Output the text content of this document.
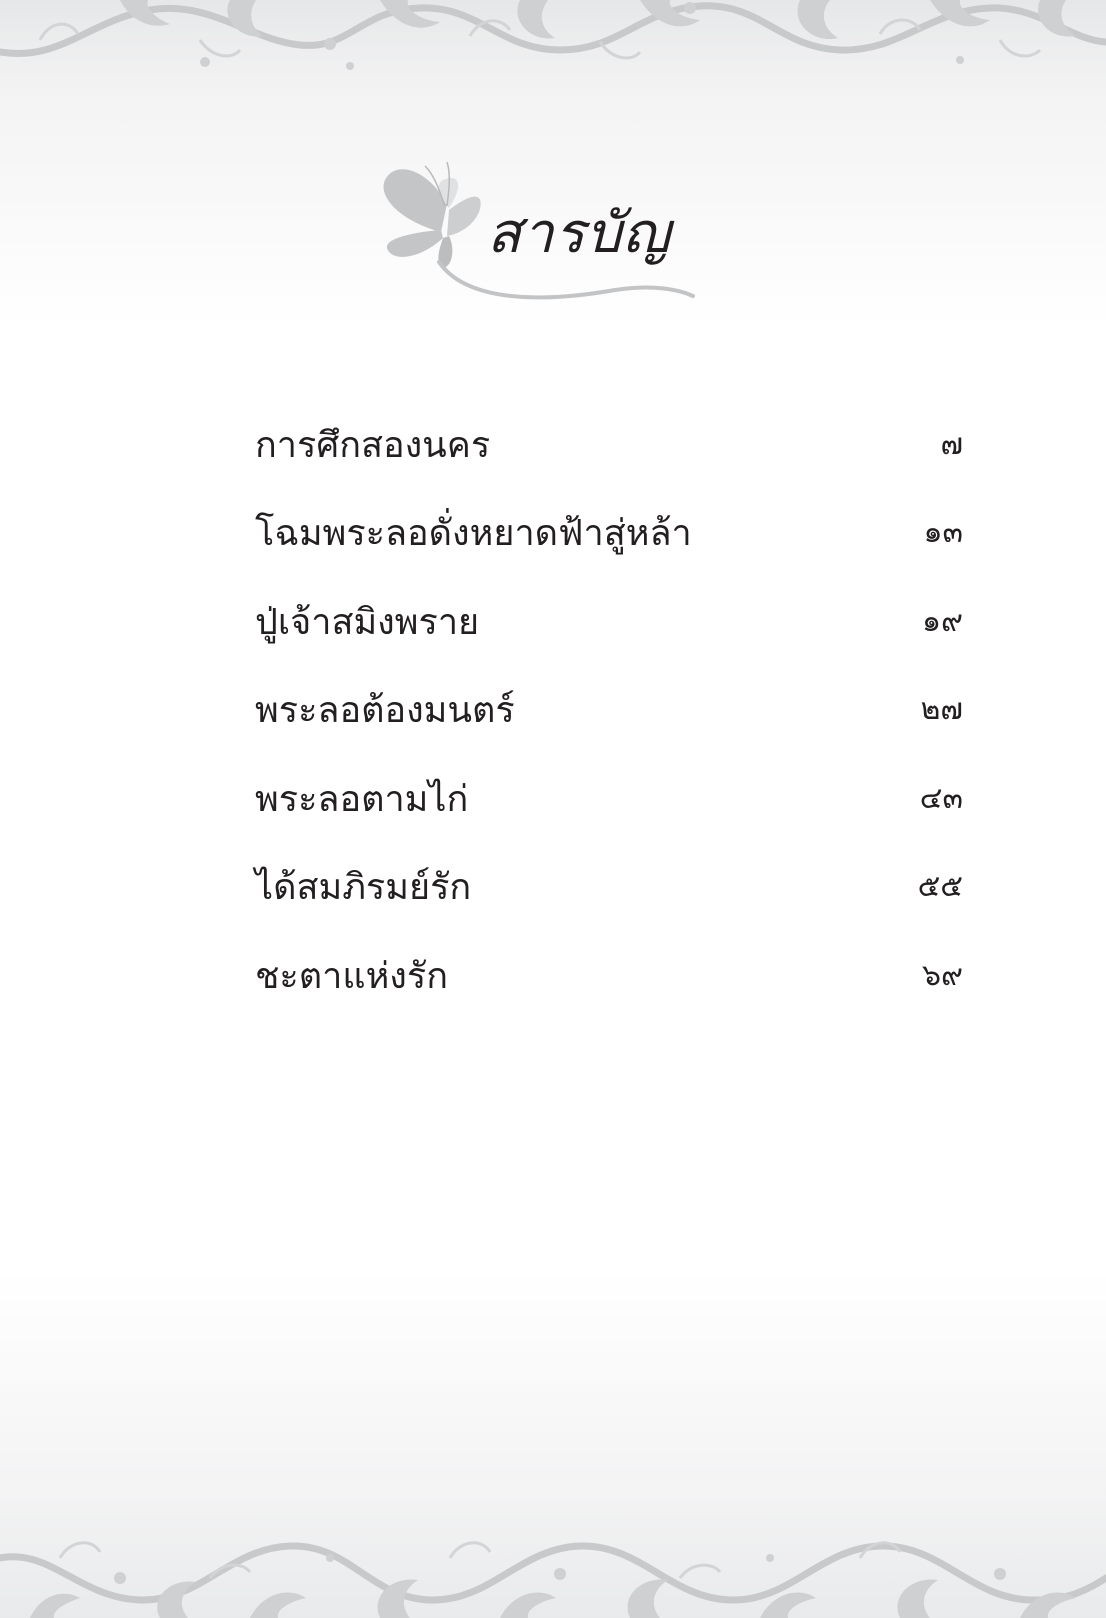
สารบัญ
การศึกสองนคร	๗
โฉมพระลอดั่งหยาดฟ้าสู่หล้า	๑๓
ปู่เจ้าสมิงพราย	๑๙
พระลอต้องมนตร์	๒๗
พระลอตามไก่	๔๓
ได้สมภิรมย์รัก	๕๕
ชะตาแห่งรัก	๖๙
